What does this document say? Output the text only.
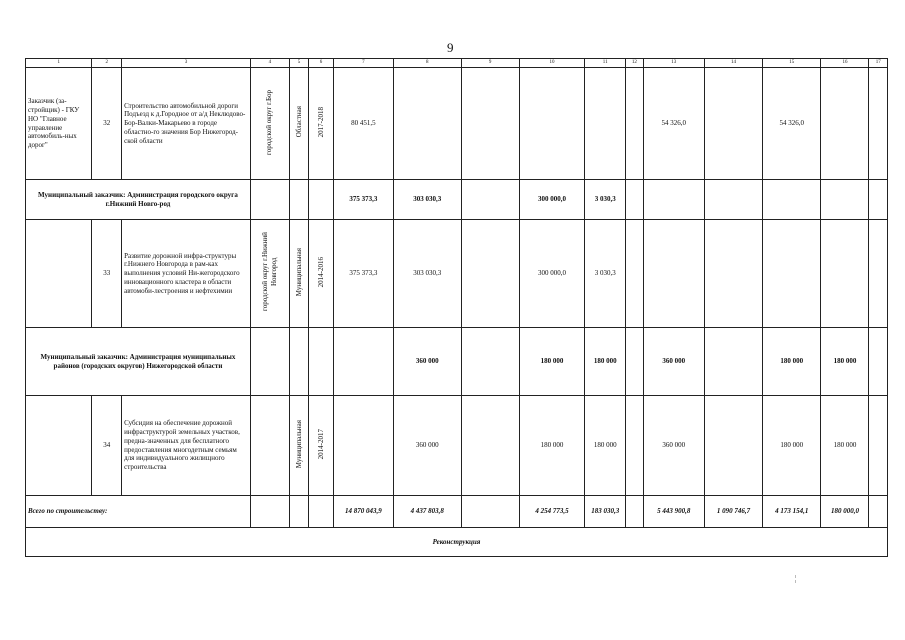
9
1	2	3	4	5	6	7	8	9	10	11	12	13	14	15	16	17
Заказчик (за-стройщик) - ГКУ НО "Главное управление автомобиль-ных дорог"	32	Строительство автомобильной дороги Подъезд к д.Городное от а/д Неклюдово-Бор-Валки-Макарьево в городе областно-го значения Бор Нижегород-ской области	городской округ г.Бор	Областная	2017-2018	80 451,5						54 326,0		54 326,0		
Муниципальный заказчик: Администрация городского округа г.Нижний Новго-род						375 373,3	303 030,3		300 000,0	3 030,3						
	33	Развитие дорожной инфра-структуры г.Нижнего Новгорода в рам-ках выполнения условий Ни-жегородского инновационного кластера в области автомоби-лестроения и нефтехимии	городской округ г.Нижний Новгород	Муниципальная	2014-2016	375 373,3	303 030,3		300 000,0	3 030,3						
Муниципальный заказчик: Администрация муниципальных районов (городских округов) Нижегородской области							360 000		180 000	180 000		360 000		180 000	180 000	
	34	Субсидия на обеспечение дорожной инфраструктурой земельных участков, предна-значенных для бесплатного предоставления многодетным семьям для индивидуального жилищного строительства		Муниципальная	2014-2017		360 000		180 000	180 000		360 000		180 000	180 000	
Всего по строительству:						14 870 043,9	4 437 803,8		4 254 773,5	183 030,3		5 443 900,8	1 090 746,7	4 173 154,1	180 000,0	
Реконструкция																
